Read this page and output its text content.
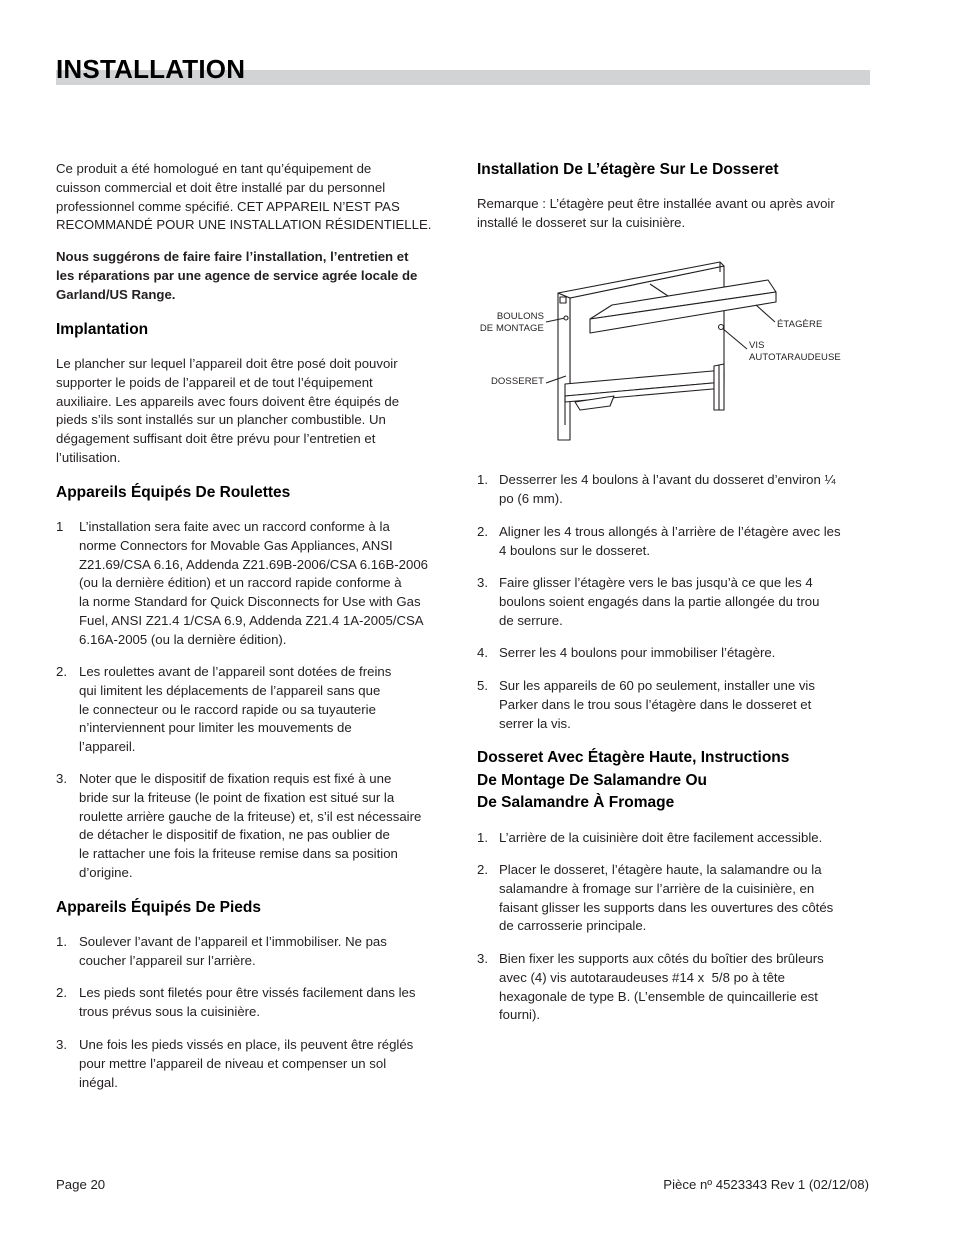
INSTALLATION
Ce produit a été homologué en tant qu’équipement de
cuisson commercial et doit être installé par du personnel
professionnel comme spécifié. CET APPAREIL N’EST PAS
RECOMMANDÉ POUR UNE INSTALLATION RÉSIDENTIELLE.
Nous suggérons de faire faire l’installation, l’entretien et
les réparations par une agence de service agrée locale de
Garland/US Range.
Implantation
Le plancher sur lequel l’appareil doit être posé doit pouvoir
supporter le poids de l’appareil et de tout l’équipement
auxiliaire. Les appareils avec fours doivent être équipés de
pieds s’ils sont installés sur un plancher combustible. Un
dégagement suffisant doit être prévu pour l’entretien et
l’utilisation.
Appareils Équipés De Roulettes
1 L’installation sera faite avec un raccord conforme à la
norme Connectors for Movable Gas Appliances, ANSI
Z21.69/CSA 6.16, Addenda Z21.69B-2006/CSA 6.16B-2006
(ou la dernière édition) et un raccord rapide conforme à
la norme Standard for Quick Disconnects for Use with Gas
Fuel, ANSI Z21.4 1/CSA 6.9, Addenda Z21.4 1A-2005/CSA
6.16A-2005 (ou la dernière édition).
2. Les roulettes avant de l’appareil sont dotées de freins
qui limitent les déplacements de l’appareil sans que
le connecteur ou le raccord rapide ou sa tuyauterie
n’interviennent pour limiter les mouvements de
l’appareil.
3. Noter que le dispositif de fixation requis est fixé à une
bride sur la friteuse (le point de fixation est situé sur la
roulette arrière gauche de la friteuse) et, s’il est nécessaire
de détacher le dispositif de fixation, ne pas oublier de
le rattacher une fois la friteuse remise dans sa position
d’origine.
Appareils Équipés De Pieds
1. Soulever l’avant de l’appareil et l’immobiliser. Ne pas
coucher l’appareil sur l’arrière.
2. Les pieds sont filetés pour être vissés facilement dans les
trous prévus sous la cuisinière.
3. Une fois les pieds vissés en place, ils peuvent être réglés
pour mettre l’appareil de niveau et compenser un sol
inégal.
Installation De L’étagère Sur Le Dosseret
Remarque : L’étagère peut être installée avant ou après avoir
installé le dosseret sur la cuisinière.
BOULONS
DE MONTAGE
DOSSERET
ÉTAGÈRE
VIS
AUTOTARAUDEUSE
1. Desserrer les 4 boulons à l’avant du dosseret d’environ ¼
po (6 mm).
2. Aligner les 4 trous allongés à l’arrière de l’étagère avec les
4 boulons sur le dosseret.
3. Faire glisser l’étagère vers le bas jusqu’à ce que les 4
boulons soient engagés dans la partie allongée du trou
de serrure.
4. Serrer les 4 boulons pour immobiliser l’étagère.
5. Sur les appareils de 60 po seulement, installer une vis
Parker dans le trou sous l’étagère dans le dosseret et
serrer la vis.
Dosseret Avec Étagère Haute, Instructions
De Montage De Salamandre Ou
De Salamandre À Fromage
1. L’arrière de la cuisinière doit être facilement accessible.
2. Placer le dosseret, l’étagère haute, la salamandre ou la
salamandre à fromage sur l’arrière de la cuisinière, en
faisant glisser les supports dans les ouvertures des côtés
de carrosserie principale.
3. Bien fixer les supports aux côtés du boîtier des brûleurs
avec (4) vis autotaraudeuses #14 x  5/8 po à tête
hexagonale de type B. (L’ensemble de quincaillerie est
fourni).
Page 20	Pièce nº 4523343 Rev 1 (02/12/08)
